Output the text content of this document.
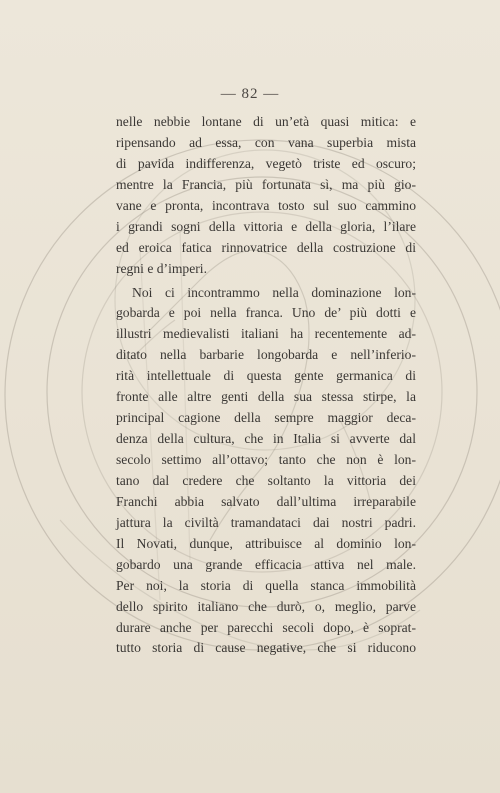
— 82 —
nelle nebbie lontane di un’età quasi mitica: e
ripensando ad essa, con vana superbia mista
di pavida indifferenza, vegetò triste ed oscuro;
mentre la Francia, più fortunata sì, ma più gio-
vane e pronta, incontrava tosto sul suo cammino
i grandi sogni della vittoria e della gloria, l’ilare
ed eroica fatica rinnovatrice della costruzione di
regni e d’imperi.
Noi ci incontrammo nella dominazione lon-
gobarda e poi nella franca. Uno de’ più dotti e
illustri medievalisti italiani ha recentemente ad-
ditato nella barbarie longobarda e nell’inferio-
rità intellettuale di questa gente germanica di
fronte alle altre genti della sua stessa stirpe, la
principal cagione della sempre maggior deca-
denza della cultura, che in Italia si avverte dal
secolo settimo all’ottavo; tanto che non è lon-
tano dal credere che soltanto la vittoria dei
Franchi abbia salvato dall’ultima irreparabile
jattura la civiltà tramandataci dai nostri padri.
Il Novati, dunque, attribuisce al dominio lon-
gobardo una grande efficacia attiva nel male.
Per noi, la storia di quella stanca immobilità
dello spirito italiano che durò, o, meglio, parve
durare anche per parecchi secoli dopo, è soprat-
tutto storia di cause negative, che si riducono
